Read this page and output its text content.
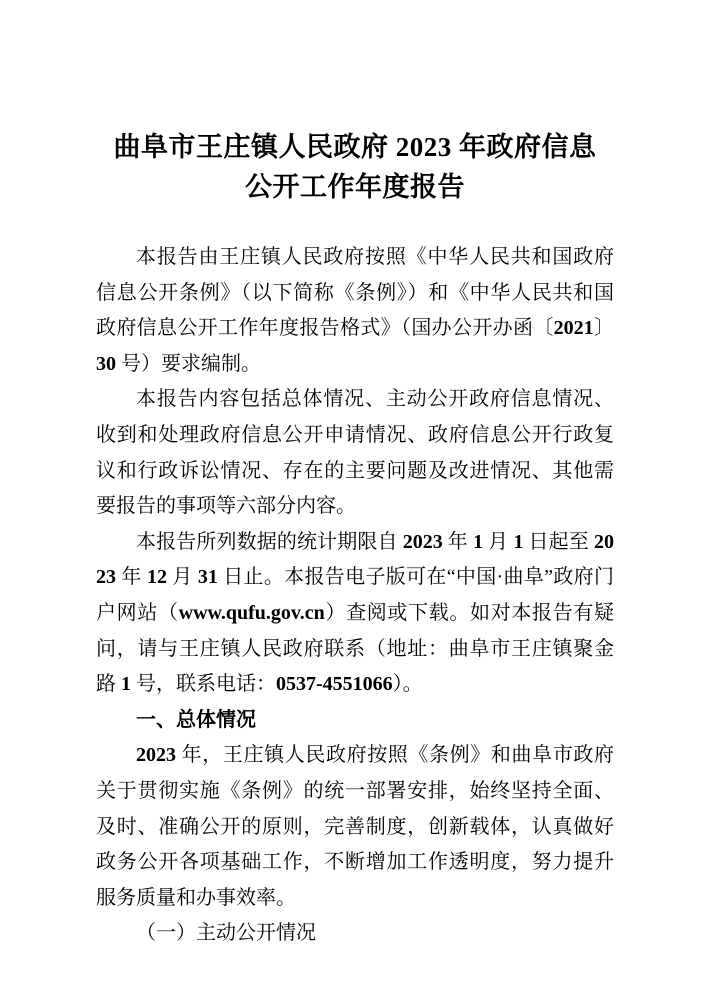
曲阜市王庄镇人民政府 2023 年政府信息
公开工作年度报告

本报告由王庄镇人民政府按照《中华人民共和国政府信息公开条例》（以下简称《条例》）和《中华人民共和国政府信息公开工作年度报告格式》（国办公开办函〔2021〕30 号）要求编制。

本报告内容包括总体情况、主动公开政府信息情况、收到和处理政府信息公开申请情况、政府信息公开行政复议和行政诉讼情况、存在的主要问题及改进情况、其他需要报告的事项等六部分内容。

本报告所列数据的统计期限自 2023 年 1 月 1 日起至 2023 年 12 月 31 日止。本报告电子版可在“中国·曲阜”政府门户网站（www.qufu.gov.cn）查阅或下载。如对本报告有疑问，请与王庄镇人民政府联系（地址：曲阜市王庄镇聚金路 1 号，联系电话：0537-4551066）。

一、总体情况

2023 年，王庄镇人民政府按照《条例》和曲阜市政府关于贯彻实施《条例》的统一部署安排，始终坚持全面、及时、准确公开的原则，完善制度，创新载体，认真做好政务公开各项基础工作，不断增加工作透明度，努力提升服务质量和办事效率。

（一）主动公开情况
